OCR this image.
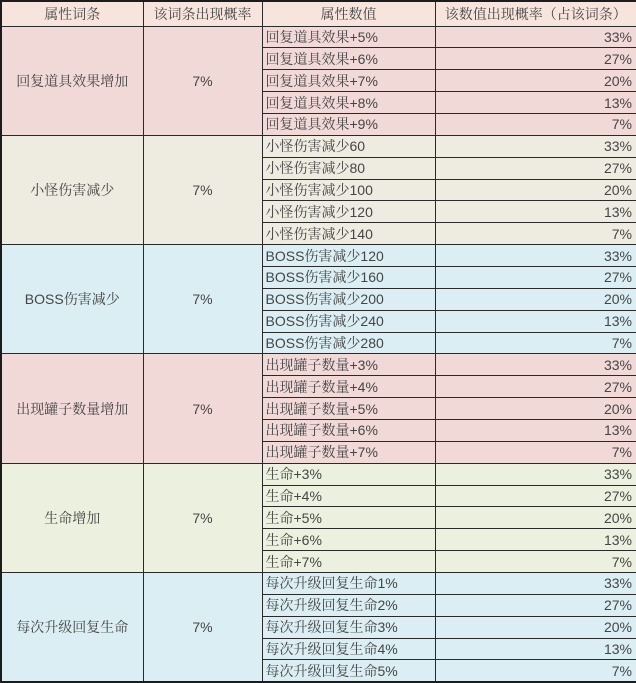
属性词条	该词条出现概率	属性数值	该数值出现概率（占该词条）
回复道具效果增加	7%	回复道具效果+5%	33%
		回复道具效果+6%	27%
		回复道具效果+7%	20%
		回复道具效果+8%	13%
		回复道具效果+9%	7%
小怪伤害减少	7%	小怪伤害减少60	33%
		小怪伤害减少80	27%
		小怪伤害减少100	20%
		小怪伤害减少120	13%
		小怪伤害减少140	7%
BOSS伤害减少	7%	BOSS伤害减少120	33%
		BOSS伤害减少160	27%
		BOSS伤害减少200	20%
		BOSS伤害减少240	13%
		BOSS伤害减少280	7%
出现罐子数量增加	7%	出现罐子数量+3%	33%
		出现罐子数量+4%	27%
		出现罐子数量+5%	20%
		出现罐子数量+6%	13%
		出现罐子数量+7%	7%
生命增加	7%	生命+3%	33%
		生命+4%	27%
		生命+5%	20%
		生命+6%	13%
		生命+7%	7%
每次升级回复生命	7%	每次升级回复生命1%	33%
		每次升级回复生命2%	27%
		每次升级回复生命3%	20%
		每次升级回复生命4%	13%
		每次升级回复生命5%	7%
